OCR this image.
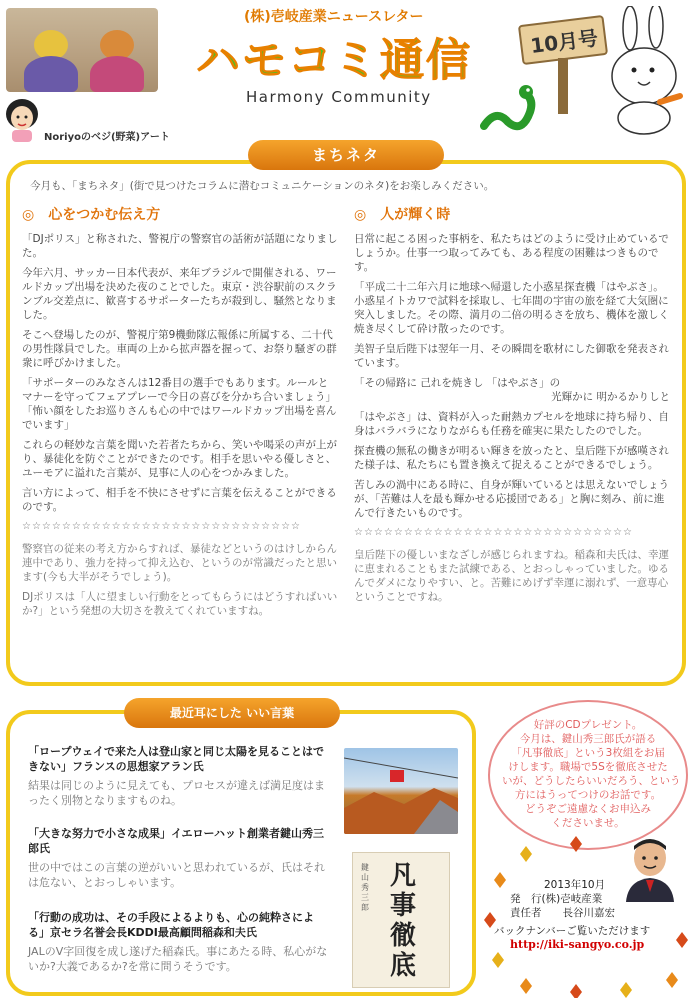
Noriyoのベジ(野菜)アート
(株)壱岐産業ニュースレター
ハモコミ通信
Harmony Community
10月号
まちネタ
今月も、「まちネタ」(街で見つけたコラムに潜むコミュニケーションのネタ)をお楽しみください。
◎ 心をつかむ伝え方

「DJポリス」と称された、警視庁の警察官の話術が話題になりました。

今年六月、サッカー日本代表が、来年ブラジルで開催される、ワールドカップ出場を決めた夜のことでした。東京・渋谷駅前のスクランブル交差点に、歓喜するサポーターたちが殺到し、騒然となりました。

そこへ登場したのが、警視庁第9機動隊広報係に所属する、二十代の男性隊員でした。車両の上から拡声器を握って、お祭り騒ぎの群衆に呼びかけました。

「サポーターのみなさんは12番目の選手でもあります。ルールとマナーを守ってフェアプレーで今日の喜びを分かち合いましょう」「怖い顔をしたお巡りさんも心の中ではワールドカップ出場を喜んでいます」

これらの軽妙な言葉を聞いた若者たちから、笑いや喝采の声が上がり、暴徒化を防ぐことができたのです。相手を思いやる優しさと、ユーモアに溢れた言葉が、見事に人の心をつかみました。

言い方によって、相手を不快にさせずに言葉を伝えることができるのです。

☆☆☆☆☆☆☆☆☆☆☆☆☆☆☆☆☆☆☆☆☆☆☆☆☆☆☆☆

警察官の従来の考え方からすれば、暴徒などというのはけしからん連中であり、強力を持って抑え込む、というのが常識だったと思います(今も大半がそうでしょう)。

DJポリスは「人に望ましい行動をとってもらうにはどうすればいいか?」という発想の大切さを教えてくれていますね。

◎ 人が輝く時

日常に起こる困った事柄を、私たちはどのように受け止めているでしょうか。仕事一つ取ってみても、ある程度の困難はつきものです。

「平成二十二年六月に地球へ帰還した小惑星探査機「はやぶさ」。小惑星イトカワで試料を採取し、七年間の宇宙の旅を経て大気圏に突入しました。その際、満月の二倍の明るさを放ち、機体を激しく焼き尽くして砕け散ったのです。

美智子皇后陛下は翌年一月、その瞬間を歌材にした御歌を発表されています。

「その帰路に 己れを焼きし 「はやぶさ」の

光輝かに 明かるかりしと

「はやぶさ」は、資料が入った耐熱カプセルを地球に持ち帰り、自身はバラバラになりながらも任務を確実に果たしたのでした。

探査機の無私の働きが明るい輝きを放ったと、皇后陛下が感嘆された様子は、私たちにも置き換えて捉えることができるでしょう。

苦しみの渦中にある時に、自身が輝いているとは思えないでしょうが、「苦難は人を最も輝かせる応援団である」と胸に刻み、前に進んで行きたいものです。

☆☆☆☆☆☆☆☆☆☆☆☆☆☆☆☆☆☆☆☆☆☆☆☆☆☆☆☆

皇后陛下の優しいまなざしが感じられますね。稲森和夫氏は、幸運に恵まれることもまた試練である、とおっしゃっていました。ゆるんでダメになりやすい、と。苦難にめげず幸運に溺れず、一意専心ということですね。

最近耳にした いい言葉
「ロープウェイで来た人は登山家と同じ太陽を見ることはできない」フランスの思想家アラン氏
結果は同じのように見えても、プロセスが違えば満足度はまったく別物となりますものね。
「大きな努力で小さな成果」イエローハット創業者鍵山秀三郎氏
世の中ではこの言葉の逆がいいと思われているが、氏はそれは危ない、とおっしゃいます。
「行動の成功は、その手段によるよりも、心の純粋さによる」京セラ名誉会長KDDI最高顧問稲森和夫氏
JALのV字回復を成し遂げた稲森氏。事にあたる時、私心がないか?大義であるか?を常に問うそうです。
鍵山秀三郎
凡事徹底
好評のCDプレゼント。
今月は、鍵山秀三郎氏が語る
「凡事徹底」という3枚組をお届
けします。職場で5Sを徹底させた
いが、どうしたらいいだろう、という
方にはうってつけのお話です。
どうぞご遠慮なくお申込み
くださいませ。
2013年10月
発　行(株)壱岐産業
責任者　　長谷川嘉宏
バックナンバーご覧いただけます
http://iki-sangyo.co.jp
